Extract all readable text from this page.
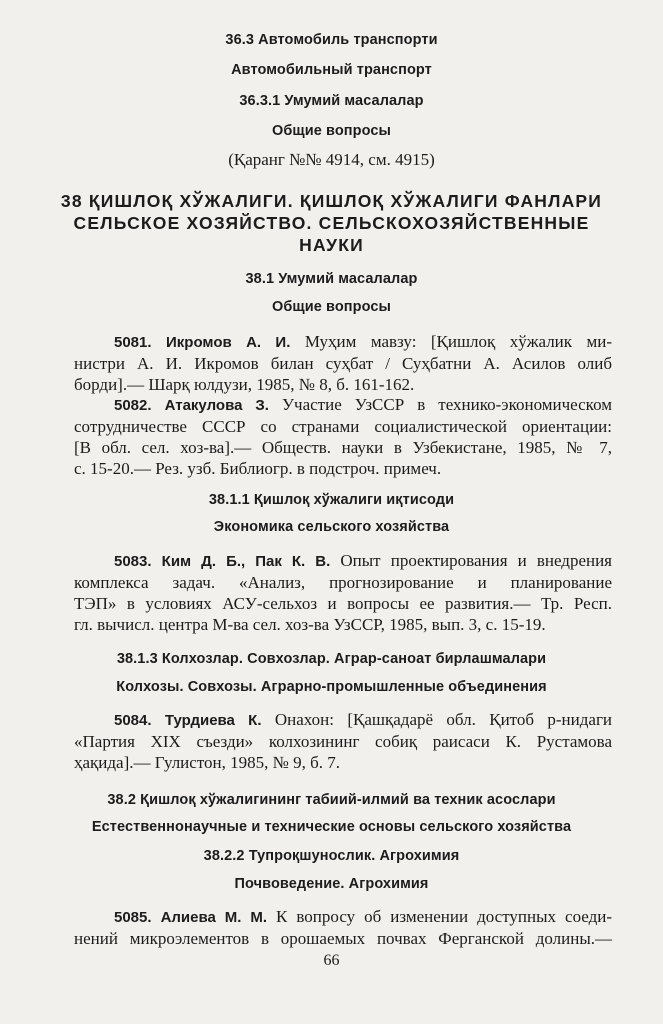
36.3 Автомобиль транспорти
Автомобильный транспорт
36.3.1 Умумий масалалар
Общие вопросы
(Қаранг №№ 4914, см. 4915)
38 ҚИШЛОҚ ХЎЖАЛИГИ. ҚИШЛОҚ ХЎЖАЛИГИ ФАНЛАРИ
СЕЛЬСКОЕ ХОЗЯЙСТВО. СЕЛЬСКОХОЗЯЙСТВЕННЫЕ
НАУКИ
38.1 Умумий масалалар
Общие вопросы
5081. Икромов А. И. Муҳим мавзу: [Қишлоқ хўжалик ми-
нистри А. И. Икромов билан суҳбат / Суҳбатни А. Асилов олиб
борди].— Шарқ юлдузи, 1985, № 8, б. 161-162.
5082. Атакулова З. Участие УзССР в технико-экономическом
сотрудничестве СССР со странами социалистической ориентации:
[В обл. сел. хоз-ва].— Обществ. науки в Узбекистане, 1985, № 7,
с. 15-20.— Рез. узб. Библиогр. в подстроч. примеч.
38.1.1 Қишлоқ хўжалиги иқтисоди
Экономика сельского хозяйства
5083. Ким Д. Б., Пак К. В. Опыт проектирования и внедрения
комплекса задач. «Анализ, прогнозирование и планирование
ТЭП» в условиях АСУ-сельхоз и вопросы ее развития.— Тр. Респ.
гл. вычисл. центра М-ва сел. хоз-ва УзССР, 1985, вып. 3, с. 15-19.
38.1.3 Колхозлар. Совхозлар. Аграр-саноат бирлашмалари
Колхозы. Совхозы. Аграрно-промышленные объединения
5084. Турдиева К. Онахон: [Қашқадарё обл. Қитоб р-нидаги
«Партия XIX съезди» колхозининг собиқ раисаси К. Рустамова
ҳақида].— Гулистон, 1985, № 9, б. 7.
38.2 Қишлоқ хўжалигининг табиий-илмий ва техник асослари
Естественнонаучные и технические основы сельского хозяйства
38.2.2 Тупроқшунослик. Агрохимия
Почвоведение. Агрохимия
5085. Алиева М. М. К вопросу об изменении доступных соеди-
нений микроэлементов в орошаемых почвах Ферганской долины.—
66
